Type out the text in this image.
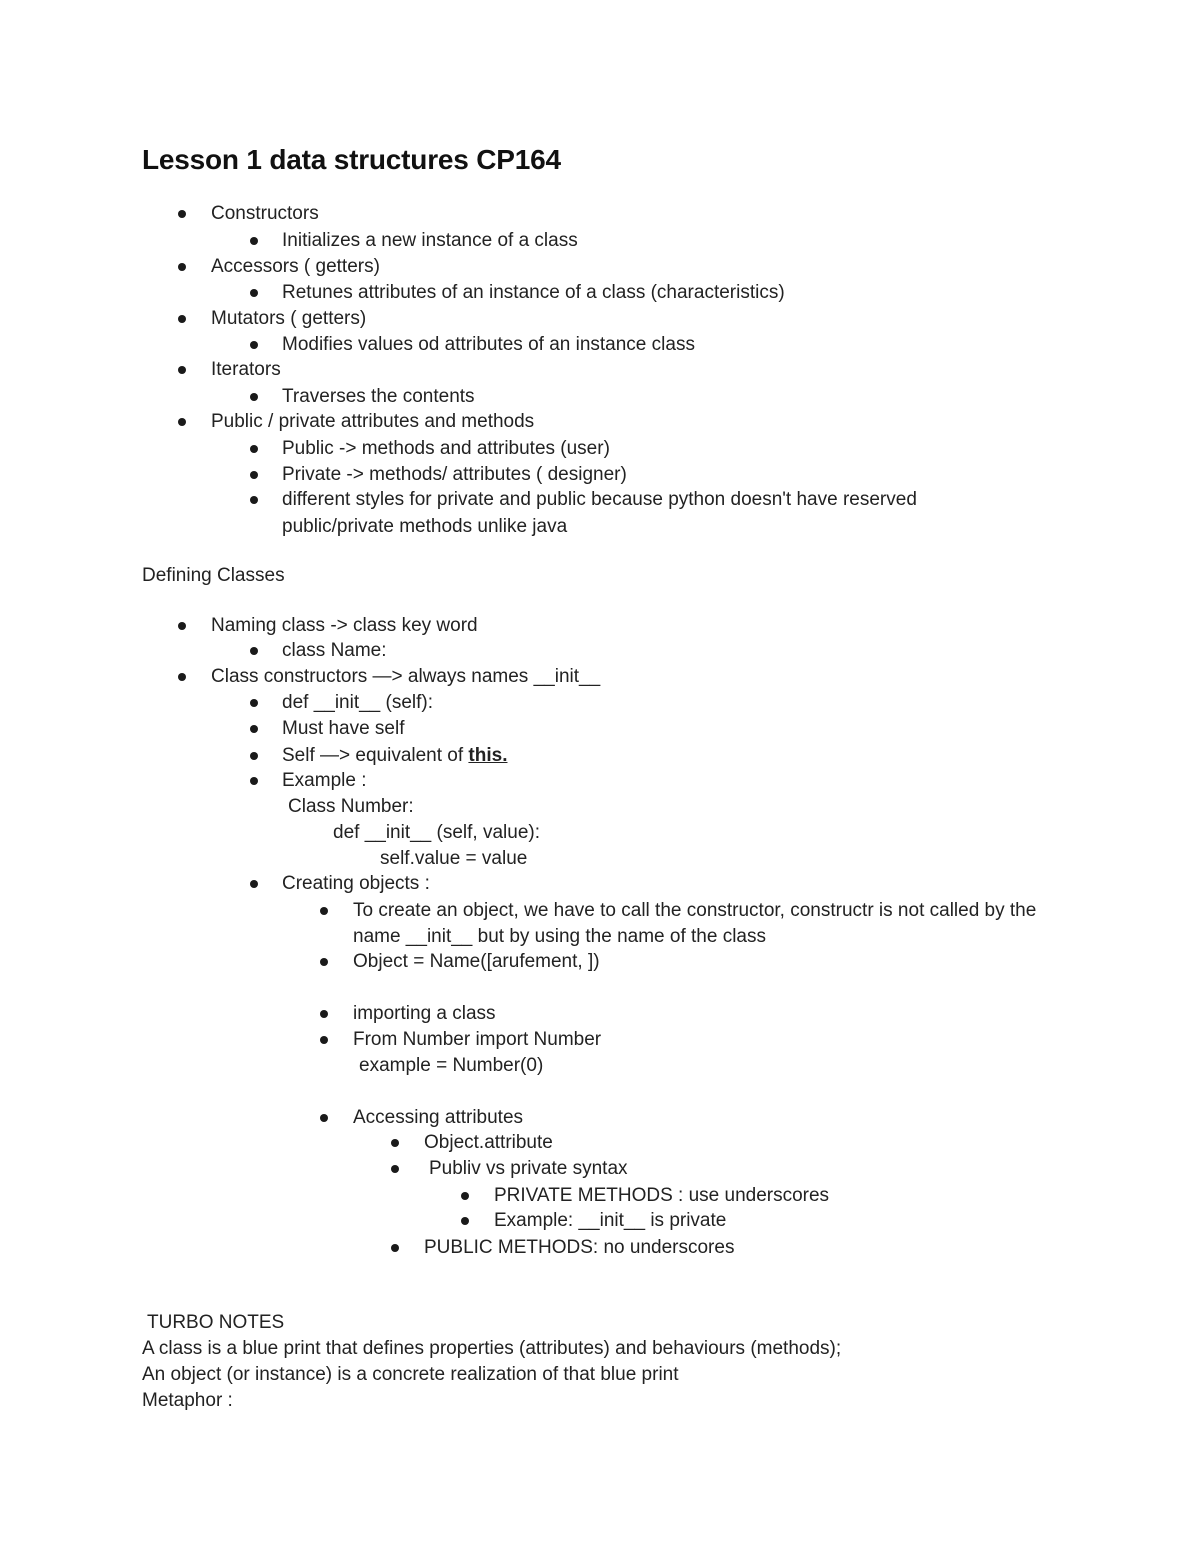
Lesson 1 data structures CP164
Constructors
Initializes a new instance of a class
Accessors ( getters)
Retunes attributes of an instance of a class (characteristics)
Mutators ( getters)
Modifies values od attributes of an instance class
Iterators
Traverses the contents
Public / private attributes and methods
Public -> methods and attributes (user)
Private -> methods/ attributes ( designer)
different styles for private and public because python doesn't have reserved
public/private methods unlike java
Defining Classes
Naming class -> class key word
class Name:
Class constructors —> always names __init__
def __init__ (self):
Must have self
Self —> equivalent of this.
Example :
Class Number:
def __init__ (self, value):
self.value = value
Creating objects :
To create an object, we have to call the constructor, constructr is not called by the
name __init__ but by using the name of the class
Object = Name([arufement, ])
importing a class
From Number import Number
example = Number(0)
Accessing attributes
Object.attribute
Publiv vs private syntax
PRIVATE METHODS : use underscores
Example: __init__ is private
PUBLIC METHODS: no underscores
TURBO NOTES
A class is a blue print that defines properties (attributes) and behaviours (methods);
An object (or instance) is a concrete realization of that blue print
Metaphor :
